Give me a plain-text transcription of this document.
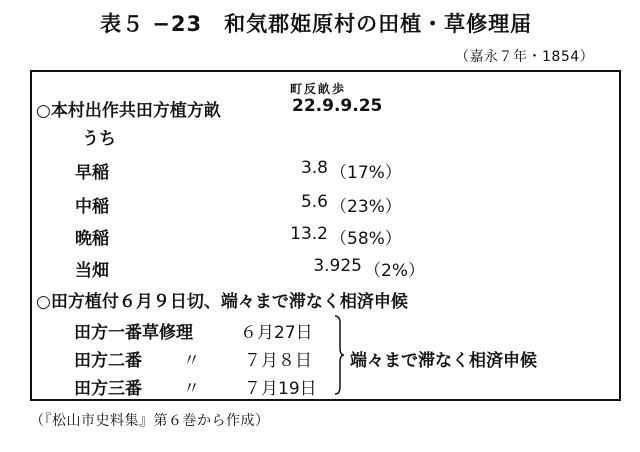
表５ −23　和気郡姫原村の田植・草修理届
（嘉永７年・1854）
町反畝歩
○本村出作共田方植方畝	22.9.9.25
うち
早稲	3.8 （17%）
中稲	5.6 （23%）
晩稲	13.2 （58%）
当畑	3.925 （2%）
○田方植付６月９日切、端々まで滞なく相済申候
田方一番草修理	６月27日
田方二番 〃	７月８日
田方三番 〃	７月19日
端々まで滞なく相済申候
（『松山市史料集』第６巻から作成）
